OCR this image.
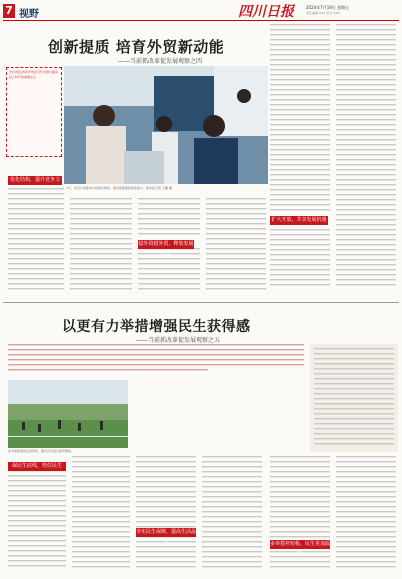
7 视野	四川日报	2024年7月19日 星期五
责任编辑 XXX 版式 XXX
创新提质 培育外贸新动能
——当前抓改革促发展观察之四
开栏的话|改革开放是当代中国大踏步赶上时代的重要法宝
优化结构，提升竞争力
7月，在四川成都举办的展会现场，观众参观国际商品展示。新华社记者 王曦 摄
稳外资稳外贸，释放发展潜能
扩大开放，共享发展机遇
以更有力举措增强民生获得感
——当前抓改革促发展观察之五
在多地新建的运动场所，群众正在进行体育锻炼。
保民生底线，兜住民生
夯实民生保障，提高生活品质	多举措补短板，民生更加温暖
